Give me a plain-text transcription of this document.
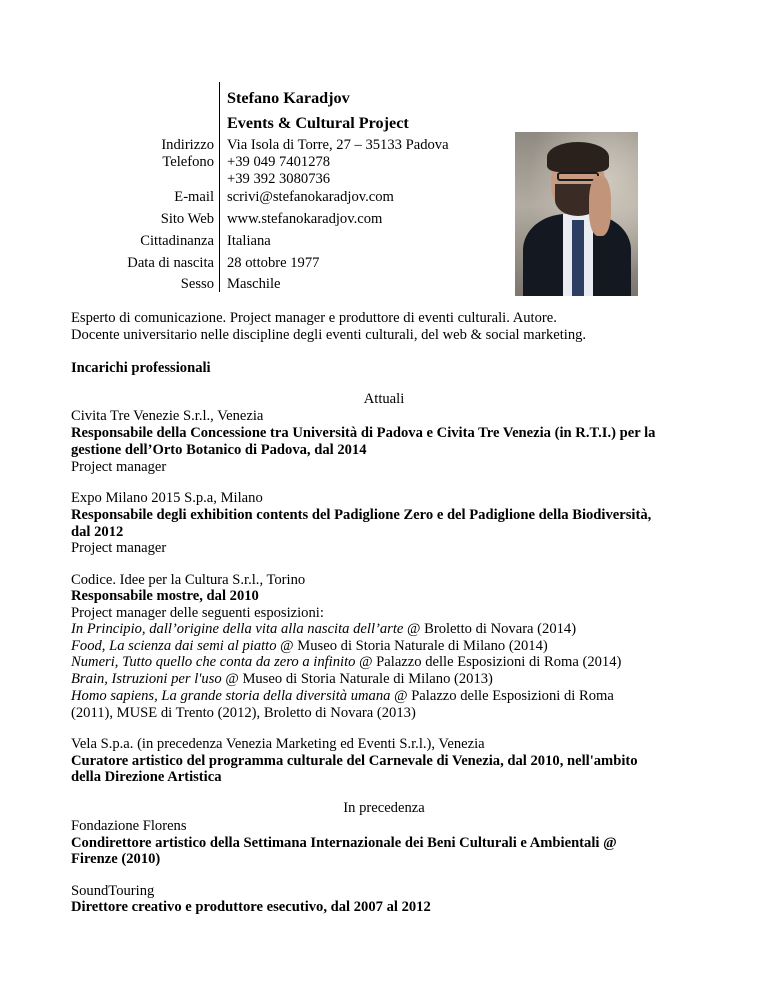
Stefano Karadjov
Events & Cultural Project
Indirizzo Via Isola di Torre, 27 – 35133 Padova
Telefono +39 049 7401278
+39 392 3080736
E-mail scrivi@stefanokaradjov.com
Sito Web www.stefanokaradjov.com
Cittadinanza Italiana
Data di nascita 28 ottobre 1977
Sesso Maschile
Esperto di comunicazione. Project manager e produttore di eventi culturali. Autore.
Docente universitario nelle discipline degli eventi culturali, del web & social marketing.
Incarichi professionali
Attuali
Civita Tre Venezie S.r.l., Venezia
Responsabile della Concessione tra Università di Padova e Civita Tre Venezia (in R.T.I.) per la
gestione dell’Orto Botanico di Padova, dal 2014
Project manager
Expo Milano 2015 S.p.a, Milano
Responsabile degli exhibition contents del Padiglione Zero e del Padiglione della Biodiversità,
dal 2012
Project manager
Codice. Idee per la Cultura S.r.l., Torino
Responsabile mostre, dal 2010
Project manager delle seguenti esposizioni:
In Principio, dall’origine della vita alla nascita dell’arte @ Broletto di Novara (2014)
Food, La scienza dai semi al piatto @ Museo di Storia Naturale di Milano (2014)
Numeri, Tutto quello che conta da zero a infinito @ Palazzo delle Esposizioni di Roma (2014)
Brain, Istruzioni per l'uso @ Museo di Storia Naturale di Milano (2013)
Homo sapiens, La grande storia della diversità umana @ Palazzo delle Esposizioni di Roma
(2011), MUSE di Trento (2012), Broletto di Novara (2013)
Vela S.p.a. (in precedenza Venezia Marketing ed Eventi S.r.l.), Venezia
Curatore artistico del programma culturale del Carnevale di Venezia, dal 2010, nell'ambito
della Direzione Artistica
In precedenza
Fondazione Florens
Condirettore artistico della Settimana Internazionale dei Beni Culturali e Ambientali @
Firenze (2010)
SoundTouring
Direttore creativo e produttore esecutivo, dal 2007 al 2012
